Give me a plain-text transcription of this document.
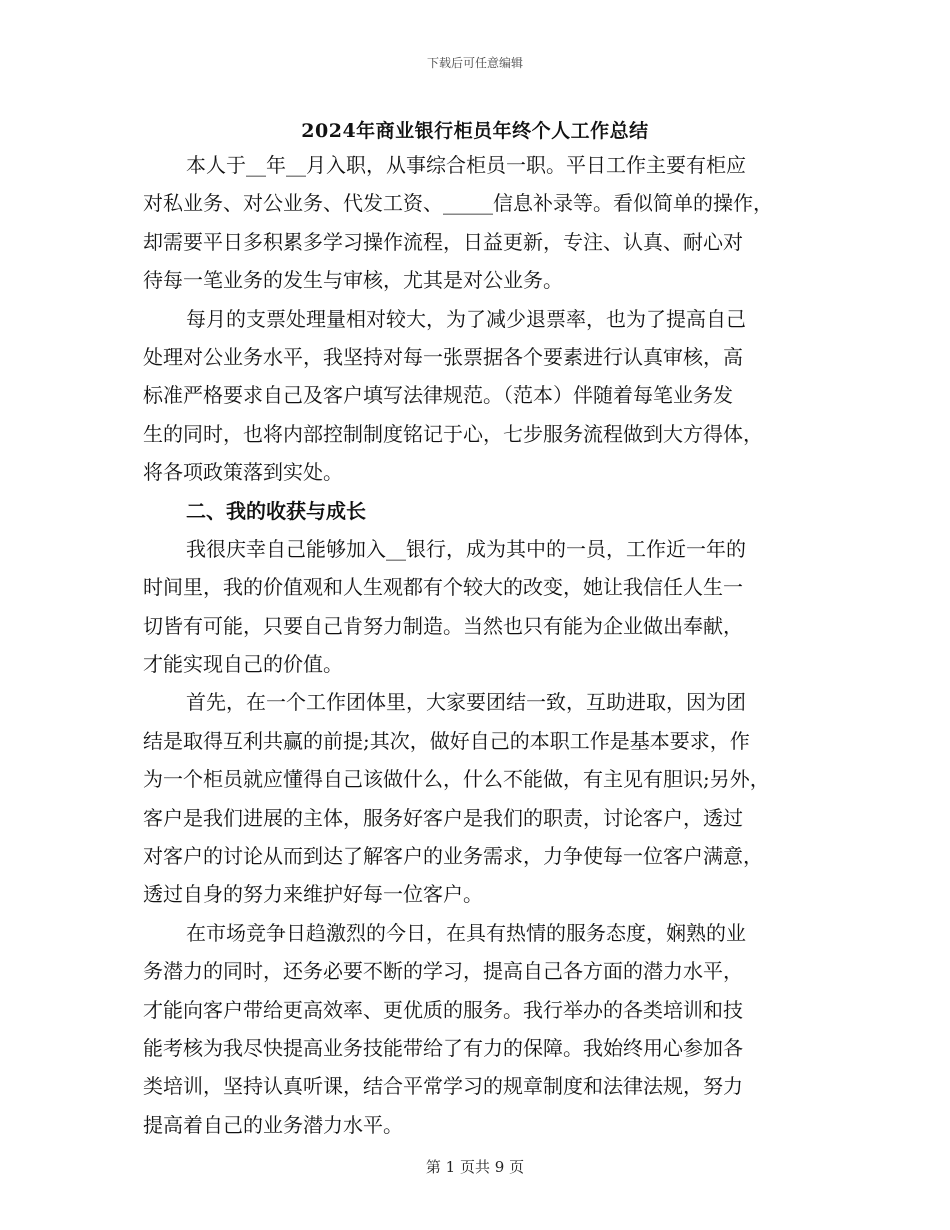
下载后可任意编辑
2024年商业银行柜员年终个人工作总结
本人于__年__月入职，从事综合柜员一职。平日工作主要有柜应
对私业务、对公业务、代发工资、_____信息补录等。看似简单的操作，
却需要平日多积累多学习操作流程，日益更新，专注、认真、耐心对
待每一笔业务的发生与审核，尤其是对公业务。
每月的支票处理量相对较大，为了减少退票率，也为了提高自己
处理对公业务水平，我坚持对每一张票据各个要素进行认真审核，高
标准严格要求自己及客户填写法律规范。（范本）伴随着每笔业务发
生的同时，也将内部控制制度铭记于心，七步服务流程做到大方得体，
将各项政策落到实处。
二、我的收获与成长
我很庆幸自己能够加入__银行，成为其中的一员，工作近一年的
时间里，我的价值观和人生观都有个较大的改变，她让我信任人生一
切皆有可能，只要自己肯努力制造。当然也只有能为企业做出奉献，
才能实现自己的价值。
首先，在一个工作团体里，大家要团结一致，互助进取，因为团
结是取得互利共赢的前提;其次，做好自己的本职工作是基本要求，作
为一个柜员就应懂得自己该做什么，什么不能做，有主见有胆识;另外，
客户是我们进展的主体，服务好客户是我们的职责，讨论客户，透过
对客户的讨论从而到达了解客户的业务需求，力争使每一位客户满意，
透过自身的努力来维护好每一位客户。
在市场竞争日趋激烈的今日，在具有热情的服务态度，娴熟的业
务潜力的同时，还务必要不断的学习，提高自己各方面的潜力水平，
才能向客户带给更高效率、更优质的服务。我行举办的各类培训和技
能考核为我尽快提高业务技能带给了有力的保障。我始终用心参加各
类培训，坚持认真听课，结合平常学习的规章制度和法律法规，努力
提高着自己的业务潜力水平。
第 1 页共 9 页
